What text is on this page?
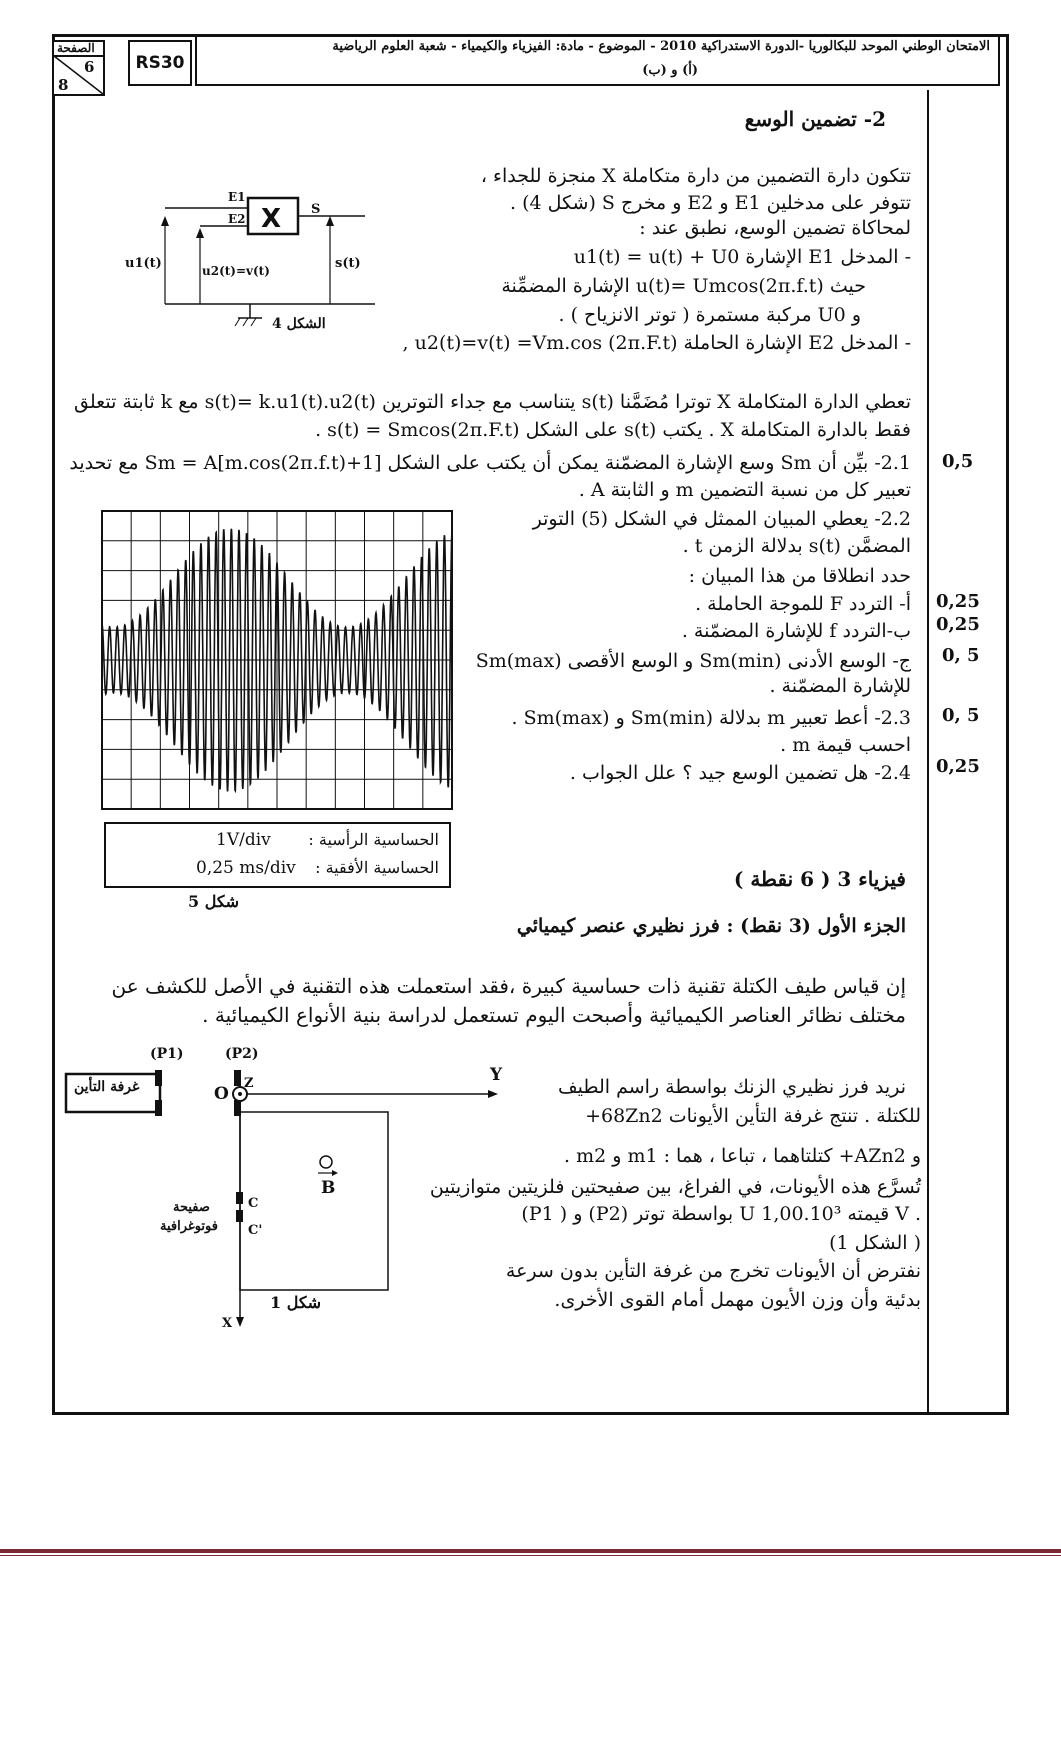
الامتحان الوطني الموحد للبكالوريا -الدورة الاستدراكية 2010 - الموضوع - مادة: الفيزياء والكيمياء - شعبة العلوم الرياضية
(أ) و (ب)
RS30
الصفحة
6
8
2- تضمين الوسع
تتكون دارة التضمين من دارة متكاملة X منجزة للجداء ،
تتوفر على مدخلين E1 و E2 و مخرج S (شكل 4) .
لمحاكاة تضمين الوسع، نطبق عند :
- المدخل E1 الإشارة u1(t) = u(t) + U0
حيث u(t)= Umcos(2π.f.t) الإشارة المضمِّنة
و U0 مركبة مستمرة ( توتر الانزياح ) .
- المدخل E2 الإشارة الحاملة u2(t)=v(t) =Vm.cos (2π.F.t) ,
X
E1
E2
S
u1(t)	u2(t)=v(t)	s(t)
الشكل 4
تعطي الدارة المتكاملة X توترا مُضَمَّنا s(t) يتناسب مع جداء التوترين s(t)= k.u1(t).u2(t) مع k ثابتة تتعلق
فقط بالدارة المتكاملة X . يكتب s(t) على الشكل s(t) = Smcos(2π.F.t) .
2.1- بيِّن أن Sm وسع الإشارة المضمّنة يمكن أن يكتب على الشكل Sm = A[m.cos(2π.f.t)+1] مع تحديد
تعبير كل من نسبة التضمين m و الثابتة A .
2.2- يعطي المبيان الممثل في الشكل (5) التوتر
المضمَّن s(t) بدلالة الزمن t .
حدد انطلاقا من هذا المبيان :
أ- التردد F للموجة الحاملة .
ب-التردد f للإشارة المضمّنة .
ج- الوسع الأدنى Sm(min) و الوسع الأقصى Sm(max)
للإشارة المضمّنة .
2.3- أعط تعبير m بدلالة Sm(min) و Sm(max) .
احسب قيمة m .
2.4- هل تضمين الوسع جيد ؟ علل الجواب .
0,5
0,25
0,25
0, 5
0, 5
0,25
الحساسية الرأسية :
1V/div
الحساسية الأفقية :
0,25 ms/div
شكل 5
فيزياء 3 ( 6 نقطة )
الجزء الأول (3 نقط) : فرز نظيري عنصر كيميائي
إن قياس طيف الكتلة تقنية ذات حساسية كبيرة ،فقد استعملت هذه التقنية في الأصل للكشف عن
مختلف نظائر العناصر الكيميائية وأصبحت اليوم تستعمل لدراسة بنية الأنواع الكيميائية .
نريد فرز نظيري الزنك بواسطة راسم الطيف
للكتلة . تنتج غرفة التأين الأيونات 68Zn2+
و AZn2+ كتلتاهما ، تباعا ، هما : m1 و m2 .
تُسرَّع هذه الأيونات، في الفراغ، بين صفيحتين فلزيتين متوازيتين
(P1 ) و (P2) بواسطة توتر U قيمته 1,00.10³ V .
( الشكل 1)
نفترض أن الأيونات تخرج من غرفة التأين بدون سرعة
بدئية وأن وزن الأيون مهمل أمام القوى الأخرى.
غرفة التأين
(P1)	(P2)
O
Z	Y
X
B
C
C'
صفيحة
فوتوغرافية
شكل 1
